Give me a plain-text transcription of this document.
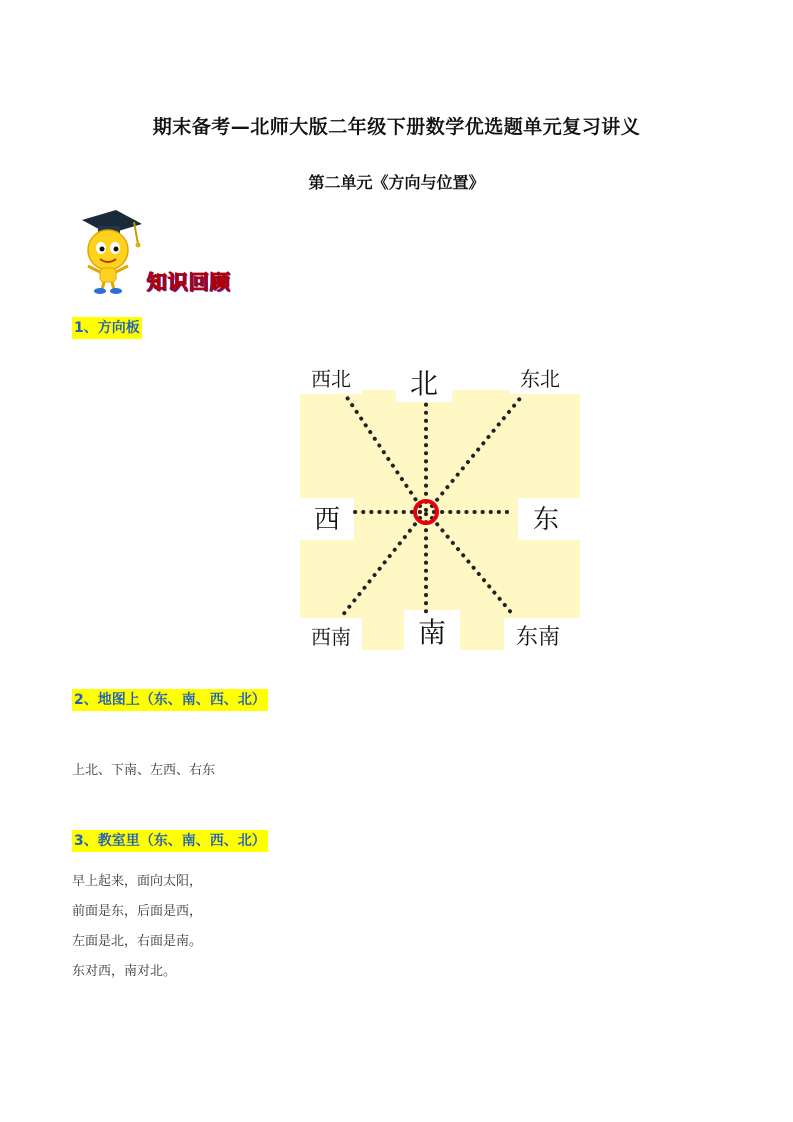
期末备考—北师大版二年级下册数学优选题单元复习讲义
第二单元《方向与位置》
知识回顾
1、方向板
西北 北	东北
西	东
西南 南	东南
2、地图上（东、南、西、北）
上北、下南、左西、右东
3、教室里（东、南、西、北）
早上起来，面向太阳，
前面是东，后面是西，
左面是北，右面是南。
东对西，南对北。
